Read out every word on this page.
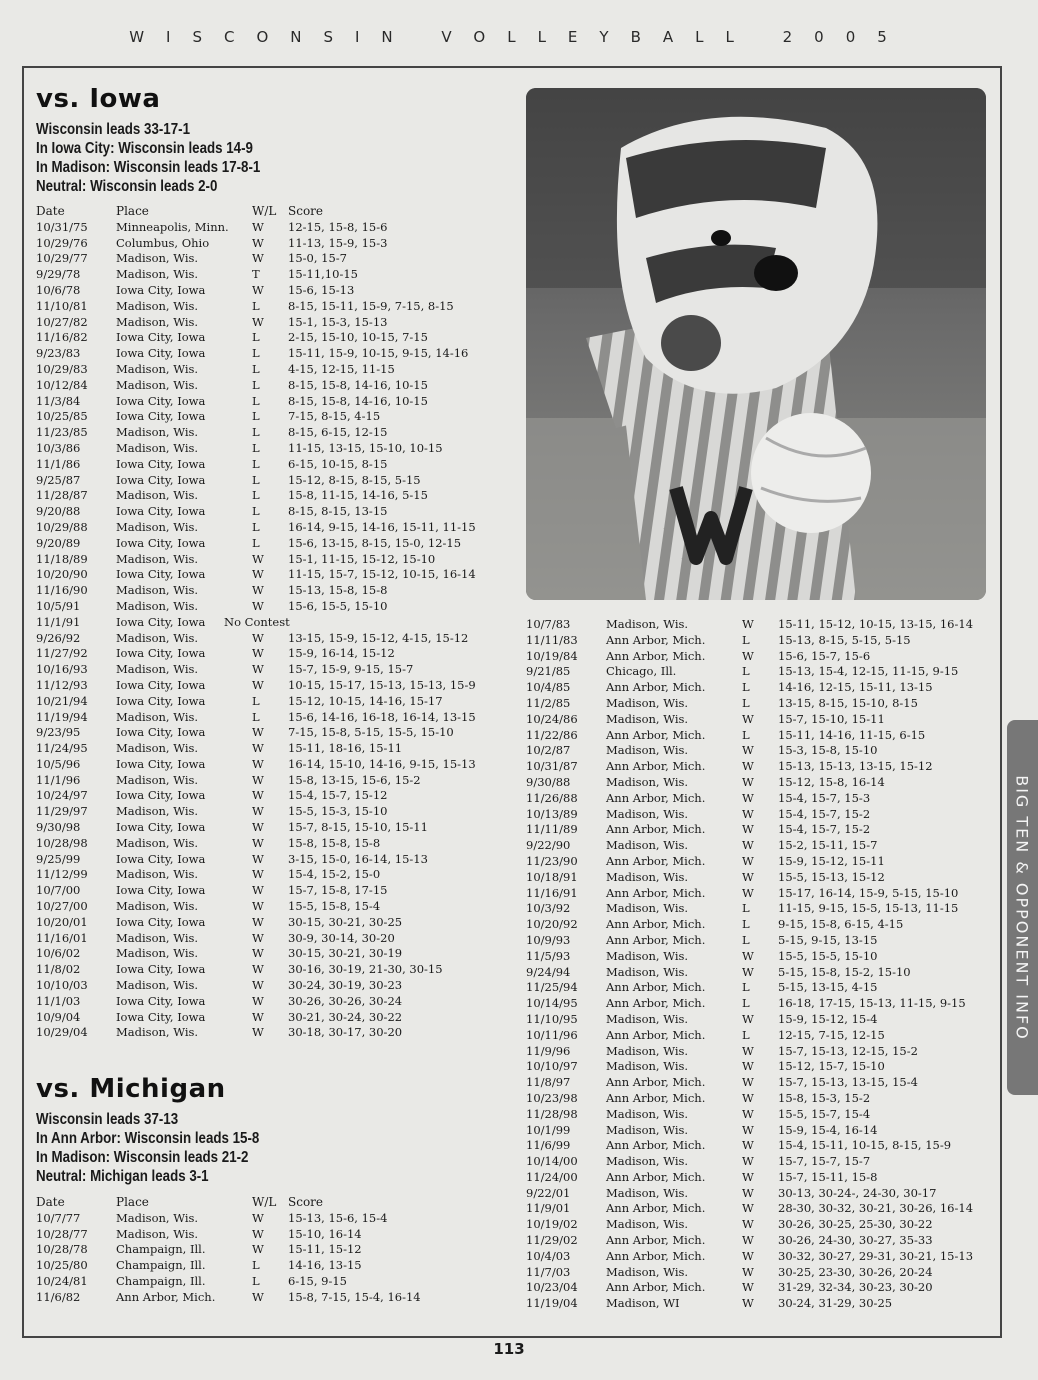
WISCONSIN VOLLEYBALL 2005
vs. Iowa
Wisconsin leads 33-17-1
In Iowa City: Wisconsin leads 14-9
In Madison: Wisconsin leads 17-8-1
Neutral: Wisconsin leads 2-0
Date	Place	W/L Score
10/31/75 Minneapolis, Minn. W 12-15, 15-8, 15-6
10/29/76 Columbus, Ohio	W 11-13, 15-9, 15-3
10/29/77 Madison, Wis.	W 15-0, 15-7
9/29/78	Madison, Wis.	T 15-11,10-15
10/6/78	Iowa City, Iowa	W 15-6, 15-13
11/10/81 Madison, Wis.	L 8-15, 15-11, 15-9, 7-15, 8-15
10/27/82 Madison, Wis.	W 15-1, 15-3, 15-13
11/16/82 Iowa City, Iowa	L 2-15, 15-10, 10-15, 7-15
9/23/83	Iowa City, Iowa	L 15-11, 15-9, 10-15, 9-15, 14-16
10/29/83 Madison, Wis.	L 4-15, 12-15, 11-15
10/12/84 Madison, Wis.	L 8-15, 15-8, 14-16, 10-15
11/3/84	Iowa City, Iowa	L 8-15, 15-8, 14-16, 10-15
10/25/85 Iowa City, Iowa	L 7-15, 8-15, 4-15
11/23/85 Madison, Wis.	L 8-15, 6-15, 12-15
10/3/86	Madison, Wis.	L 11-15, 13-15, 15-10, 10-15
11/1/86	Iowa City, Iowa	L 6-15, 10-15, 8-15
9/25/87	Iowa City, Iowa	L 15-12, 8-15, 8-15, 5-15
11/28/87 Madison, Wis.	L 15-8, 11-15, 14-16, 5-15
9/20/88	Iowa City, Iowa	L 8-15, 8-15, 13-15
10/29/88 Madison, Wis.	L 16-14, 9-15, 14-16, 15-11, 11-15
9/20/89	Iowa City, Iowa	L 15-6, 13-15, 8-15, 15-0, 12-15
11/18/89 Madison, Wis.	W 15-1, 11-15, 15-12, 15-10
10/20/90 Iowa City, Iowa	W 11-15, 15-7, 15-12, 10-15, 16-14
11/16/90 Madison, Wis.	W 15-13, 15-8, 15-8
10/5/91	Madison, Wis.	W 15-6, 15-5, 15-10
11/1/91	Iowa City, Iowa No Contest
9/26/92	Madison, Wis.	W 13-15, 15-9, 15-12, 4-15, 15-12
11/27/92 Iowa City, Iowa	W 15-9, 16-14, 15-12
10/16/93 Madison, Wis.	W 15-7, 15-9, 9-15, 15-7
11/12/93 Iowa City, Iowa	W 10-15, 15-17, 15-13, 15-13, 15-9
10/21/94 Iowa City, Iowa	L 15-12, 10-15, 14-16, 15-17
11/19/94 Madison, Wis.	L 15-6, 14-16, 16-18, 16-14, 13-15
9/23/95	Iowa City, Iowa	W 7-15, 15-8, 5-15, 15-5, 15-10
11/24/95 Madison, Wis.	W 15-11, 18-16, 15-11
10/5/96	Iowa City, Iowa	W 16-14, 15-10, 14-16, 9-15, 15-13
11/1/96	Madison, Wis.	W 15-8, 13-15, 15-6, 15-2
10/24/97 Iowa City, Iowa	W 15-4, 15-7, 15-12
11/29/97 Madison, Wis.	W 15-5, 15-3, 15-10
9/30/98	Iowa City, Iowa	W 15-7, 8-15, 15-10, 15-11
10/28/98 Madison, Wis.	W 15-8, 15-8, 15-8
9/25/99	Iowa City, Iowa	W 3-15, 15-0, 16-14, 15-13
11/12/99 Madison, Wis.	W 15-4, 15-2, 15-0
10/7/00	Iowa City, Iowa	W 15-7, 15-8, 17-15
10/27/00 Madison, Wis.	W 15-5, 15-8, 15-4
10/20/01 Iowa City, Iowa	W 30-15, 30-21, 30-25
11/16/01 Madison, Wis.	W 30-9, 30-14, 30-20
10/6/02	Madison, Wis.	W 30-15, 30-21, 30-19
11/8/02	Iowa City, Iowa	W 30-16, 30-19, 21-30, 30-15
10/10/03 Madison, Wis.	W 30-24, 30-19, 30-23
11/1/03	Iowa City, Iowa	W 30-26, 30-26, 30-24
10/9/04	Iowa City, Iowa	W 30-21, 30-24, 30-22
10/29/04 Madison, Wis.	W 30-18, 30-17, 30-20
vs. Michigan
Wisconsin leads 37-13
In Ann Arbor: Wisconsin leads 15-8
In Madison: Wisconsin leads 21-2
Neutral: Michigan leads 3-1
Date	Place	W/L Score
10/7/77	Madison, Wis.	W 15-13, 15-6, 15-4
10/28/77 Madison, Wis.	W 15-10, 16-14
10/28/78 Champaign, Ill.	W 15-11, 15-12
10/25/80 Champaign, Ill.	L 14-16, 13-15
10/24/81 Champaign, Ill.	L 6-15, 9-15
11/6/82	Ann Arbor, Mich.	W 15-8, 7-15, 15-4, 16-14
10/7/83	Madison, Wis.	W 15-11, 15-12, 10-15, 13-15, 16-14
11/11/83 Ann Arbor, Mich.	L 15-13, 8-15, 5-15, 5-15
10/19/84 Ann Arbor, Mich.	W 15-6, 15-7, 15-6
9/21/85	Chicago, Ill.	L 15-13, 15-4, 12-15, 11-15, 9-15
10/4/85	Ann Arbor, Mich.	L 14-16, 12-15, 15-11, 13-15
11/2/85	Madison, Wis.	L 13-15, 8-15, 15-10, 8-15
10/24/86 Madison, Wis.	W 15-7, 15-10, 15-11
11/22/86 Ann Arbor, Mich.	L 15-11, 14-16, 11-15, 6-15
10/2/87	Madison, Wis.	W 15-3, 15-8, 15-10
10/31/87 Ann Arbor, Mich.	W 15-13, 15-13, 13-15, 15-12
9/30/88	Madison, Wis.	W 15-12, 15-8, 16-14
11/26/88 Ann Arbor, Mich.	W 15-4, 15-7, 15-3
10/13/89 Madison, Wis.	W 15-4, 15-7, 15-2
11/11/89 Ann Arbor, Mich.	W 15-4, 15-7, 15-2
9/22/90	Madison, Wis.	W 15-2, 15-11, 15-7
11/23/90 Ann Arbor, Mich.	W 15-9, 15-12, 15-11
10/18/91 Madison, Wis.	W 15-5, 15-13, 15-12
11/16/91 Ann Arbor, Mich.	W 15-17, 16-14, 15-9, 5-15, 15-10
10/3/92	Madison, Wis.	L 11-15, 9-15, 15-5, 15-13, 11-15
10/20/92 Ann Arbor, Mich.	L 9-15, 15-8, 6-15, 4-15
10/9/93	Ann Arbor, Mich.	L 5-15, 9-15, 13-15
11/5/93	Madison, Wis.	W 15-5, 15-5, 15-10
9/24/94	Madison, Wis.	W 5-15, 15-8, 15-2, 15-10
11/25/94 Ann Arbor, Mich.	L 5-15, 13-15, 4-15
10/14/95 Ann Arbor, Mich.	L 16-18, 17-15, 15-13, 11-15, 9-15
11/10/95 Madison, Wis.	W 15-9, 15-12, 15-4
10/11/96 Ann Arbor, Mich.	L 12-15, 7-15, 12-15
11/9/96	Madison, Wis.	W 15-7, 15-13, 12-15, 15-2
10/10/97 Madison, Wis.	W 15-12, 15-7, 15-10
11/8/97	Ann Arbor, Mich.	W 15-7, 15-13, 13-15, 15-4
10/23/98 Ann Arbor, Mich.	W 15-8, 15-3, 15-2
11/28/98 Madison, Wis.	W 15-5, 15-7, 15-4
10/1/99	Madison, Wis.	W 15-9, 15-4, 16-14
11/6/99	Ann Arbor, Mich.	W 15-4, 15-11, 10-15, 8-15, 15-9
10/14/00 Madison, Wis.	W 15-7, 15-7, 15-7
11/24/00 Ann Arbor, Mich.	W 15-7, 15-11, 15-8
9/22/01	Madison, Wis.	W 30-13, 30-24-, 24-30, 30-17
11/9/01	Ann Arbor, Mich.	W 28-30, 30-32, 30-21, 30-26, 16-14
10/19/02 Madison, Wis.	W 30-26, 30-25, 25-30, 30-22
11/29/02 Ann Arbor, Mich.	W 30-26, 24-30, 30-27, 35-33
10/4/03	Ann Arbor, Mich.	W 30-32, 30-27, 29-31, 30-21, 15-13
11/7/03	Madison, Wis.	W 30-25, 23-30, 30-26, 20-24
10/23/04 Ann Arbor, Mich.	W 31-29, 32-34, 30-23, 30-20
11/19/04 Madison, WI	W 30-24, 31-29, 30-25
BIG TEN & OPPONENT INFO
113
